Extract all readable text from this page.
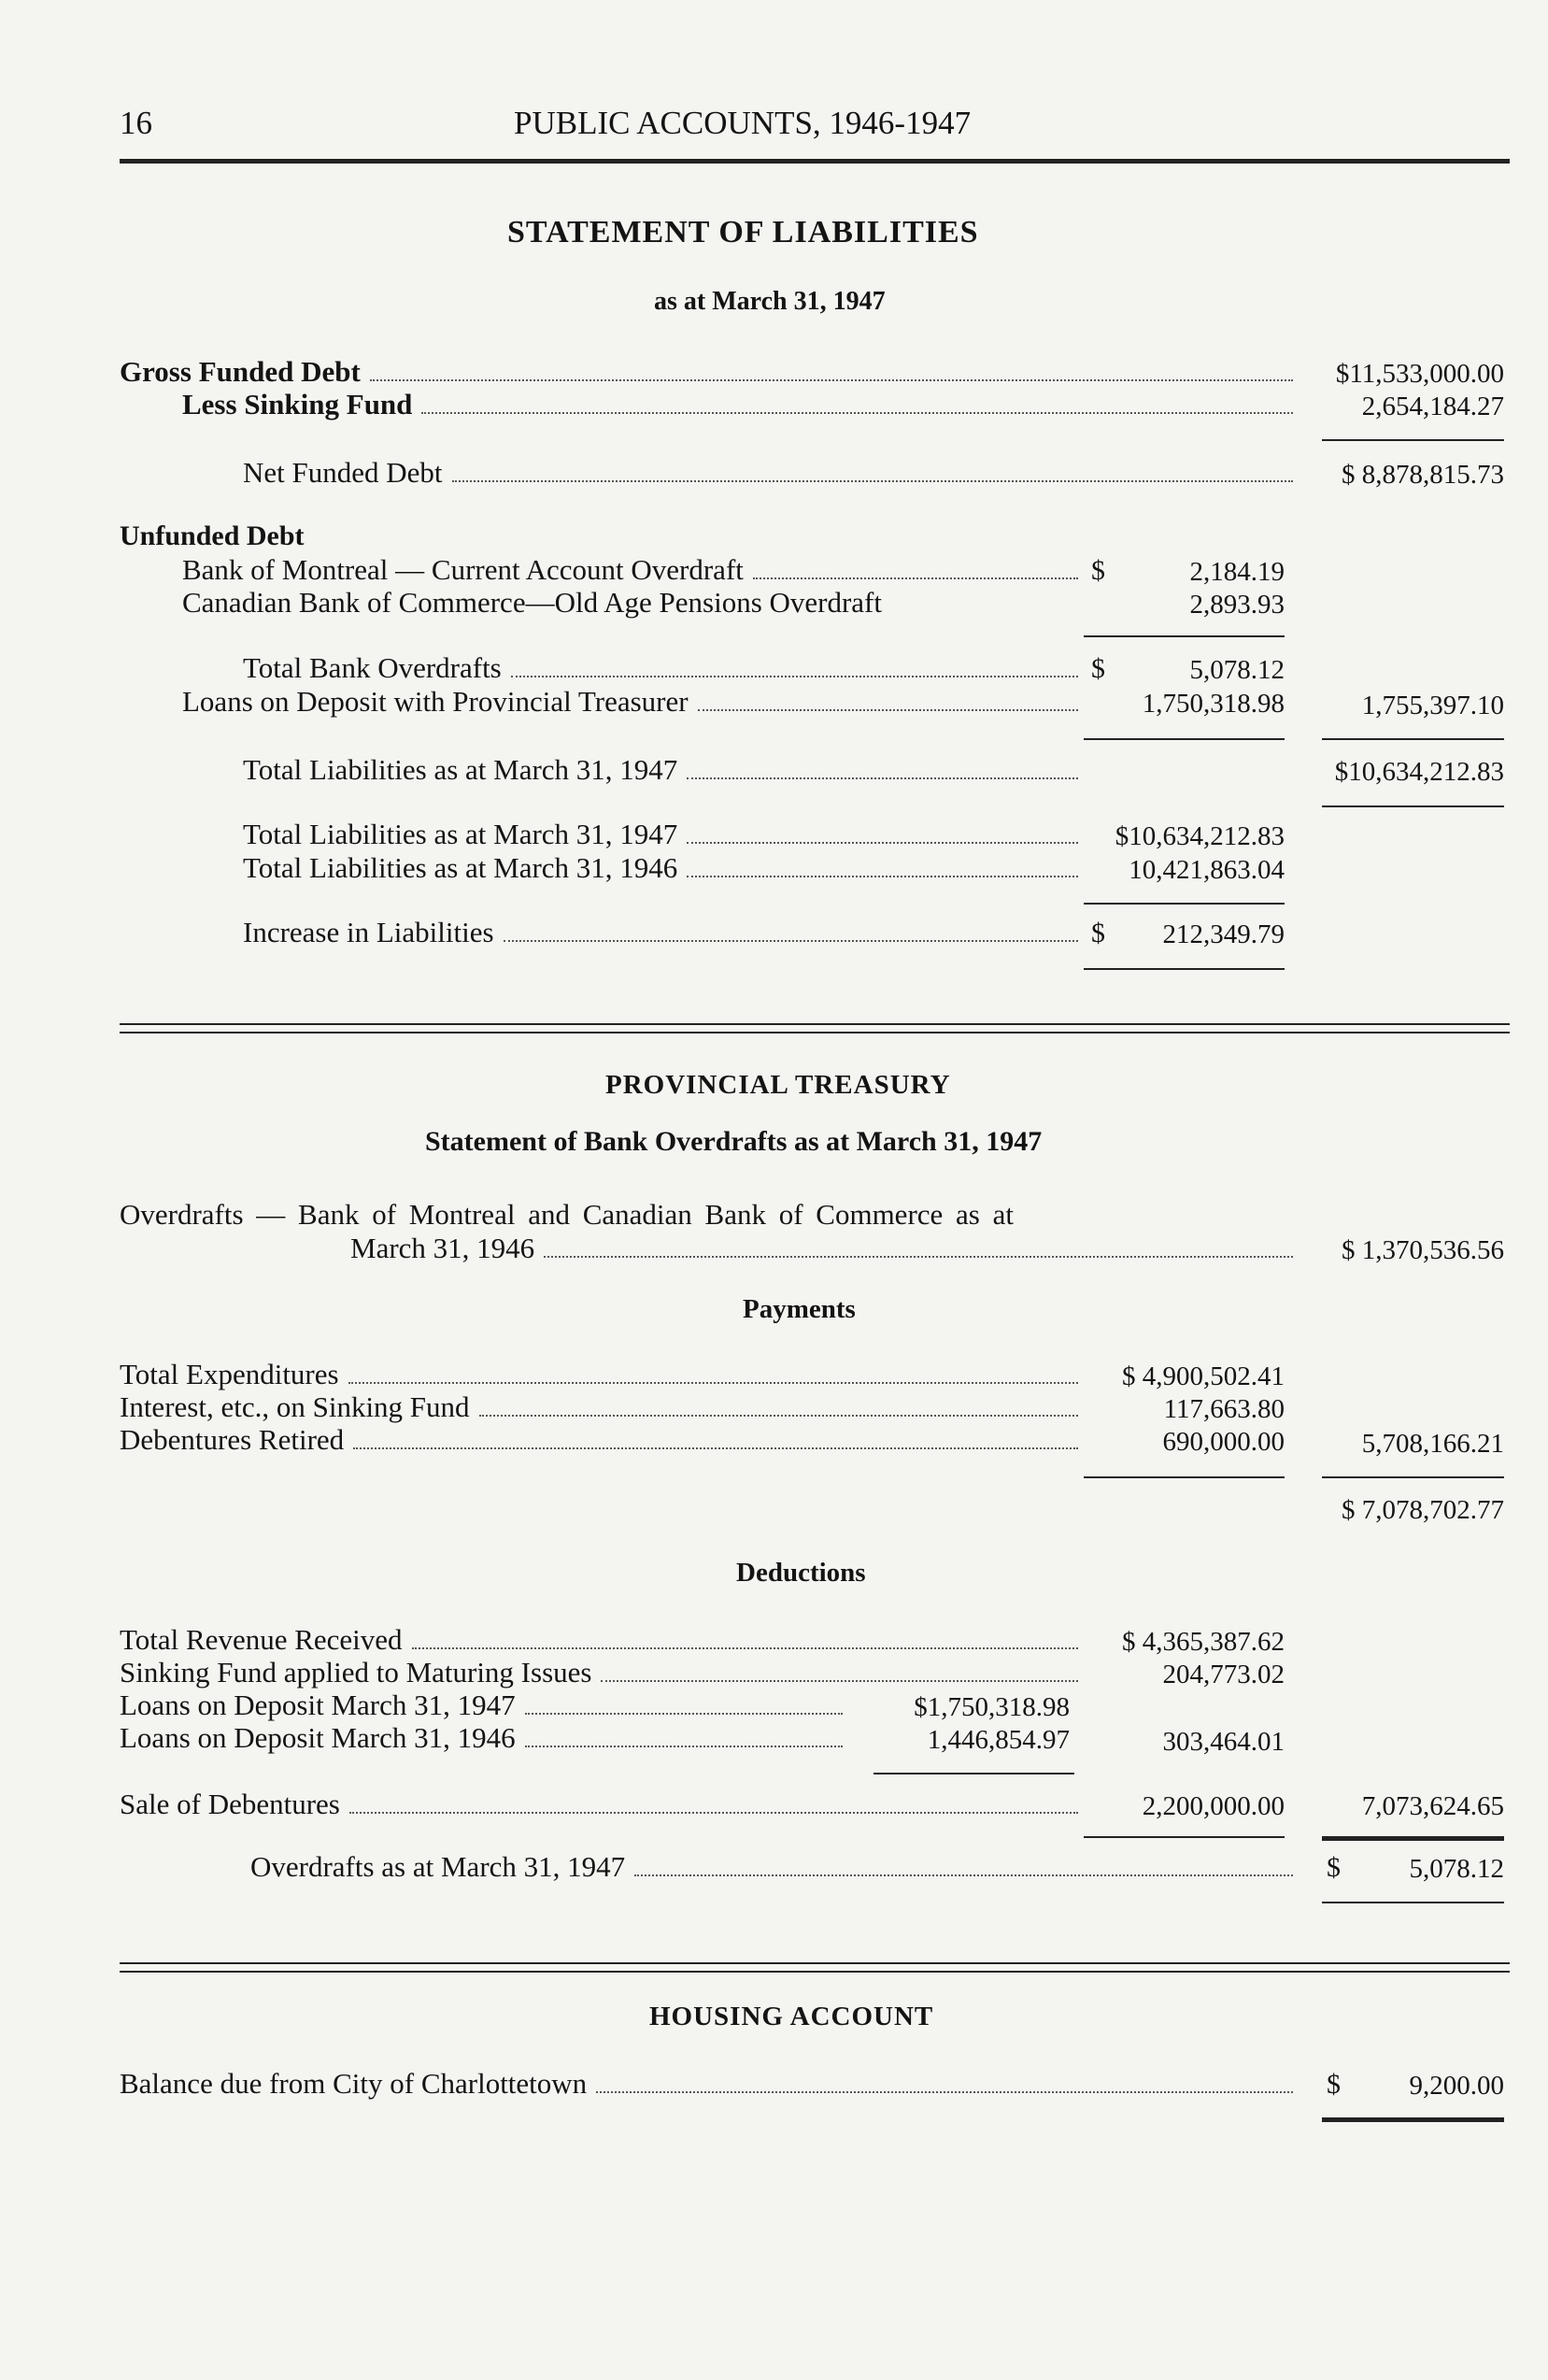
16	PUBLIC ACCOUNTS, 1946-1947
STATEMENT OF LIABILITIES
as at March 31, 1947
Gross Funded Debt	$11,533,000.00
Less Sinking Fund	2,654,184.27
Net Funded Debt	$ 8,878,815.73
Unfunded Debt
Bank of Montreal — Current Account Overdraft	$	2,184.19
Canadian Bank of Commerce—Old Age Pensions Overdraft	2,893.93
Total Bank Overdrafts	$	5,078.12
Loans on Deposit with Provincial Treasurer	1,750,318.98	1,755,397.10
Total Liabilities as at March 31, 1947	$10,634,212.83
Total Liabilities as at March 31, 1947	$10,634,212.83
Total Liabilities as at March 31, 1946	10,421,863.04
Increase in Liabilities	$	212,349.79
PROVINCIAL TREASURY
Statement of Bank Overdrafts as at March 31, 1947
Overdrafts — Bank of Montreal and Canadian Bank of Commerce as at
March 31, 1946	$ 1,370,536.56
Payments
Total Expenditures	$ 4,900,502.41
Interest, etc., on Sinking Fund	117,663.80
Debentures Retired	690,000.00	5,708,166.21
$ 7,078,702.77
Deductions
Total Revenue Received	$ 4,365,387.62
Sinking Fund applied to Maturing Issues	204,773.02
Loans on Deposit March 31, 1947	$1,750,318.98
Loans on Deposit March 31, 1946	1,446,854.97	303,464.01
Sale of Debentures	2,200,000.00	7,073,624.65
Overdrafts as at March 31, 1947	$	5,078.12
HOUSING ACCOUNT
Balance due from City of Charlottetown	$	9,200.00
